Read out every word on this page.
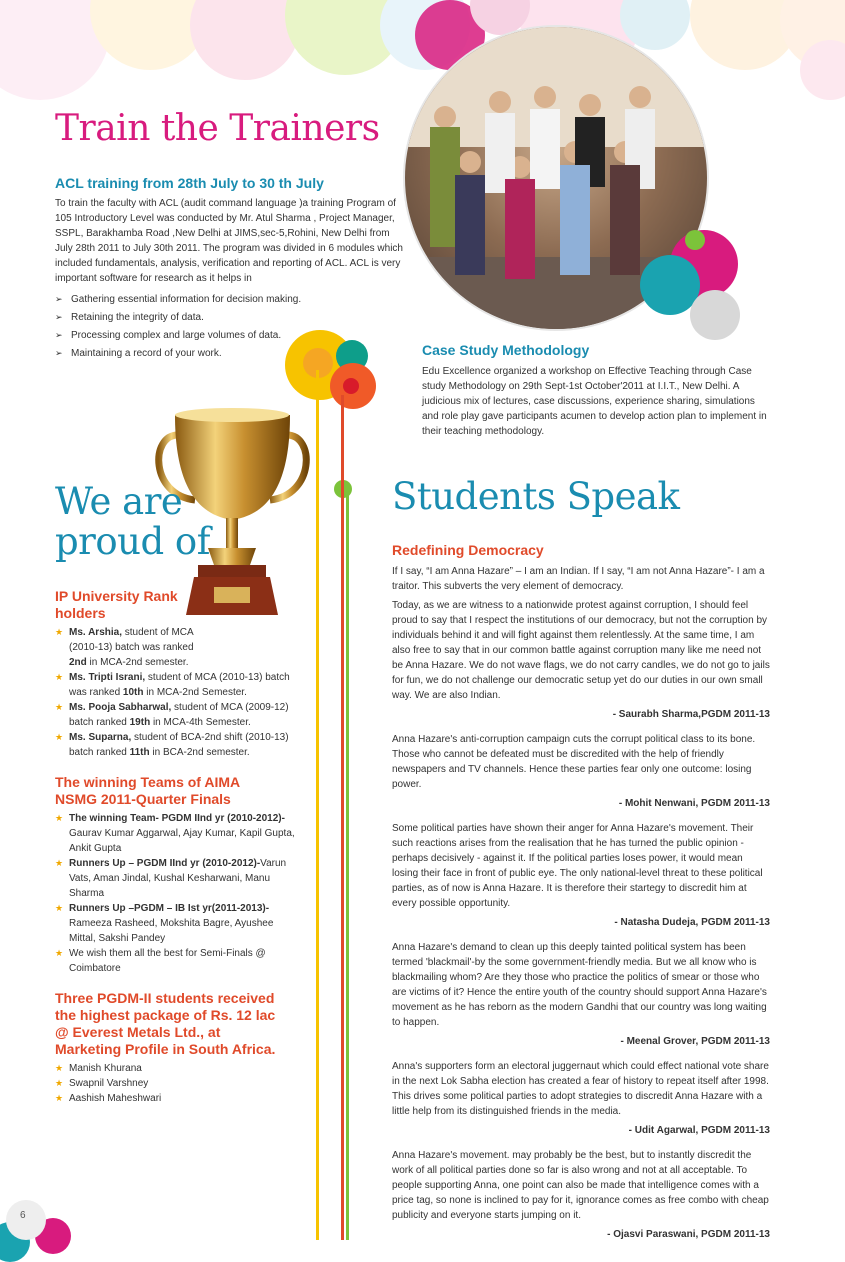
6
Train the Trainers
ACL training from 28th July to 30 th July
To train the faculty with ACL (audit command language )a training Program of 105 Introductory Level was conducted by Mr. Atul Sharma , Project Manager, SSPL, Barakhamba Road ,New Delhi at JIMS,sec-5,Rohini, New Delhi from July 28th 2011 to July 30th 2011. The program was divided in 6 modules which included fundamentals, analysis, verification and reporting of ACL. ACL is very important software for research as it helps in
➢ Gathering essential information for decision making.
➢ Retaining the integrity of data.
➢ Processing complex and large volumes of data.
➢ Maintaining a record of your work.	Case Study Methodology
Edu Excellence organized a workshop on Effective Teaching through Case study Methodology on 29th Sept-1st October'2011 at I.I.T., New Delhi. A judicious mix of lectures, case discussions, experience sharing, simulations and role play gave participants acumen to develop action plan to implement in their teaching methodology.
We are
proud of
IP University Rank holders
★ Ms. Arshia, student of MCA (2010-13) batch was ranked 2nd in MCA-2nd semester.
★ Ms. Tripti Israni, student of MCA (2010-13) batch was ranked 10th in MCA-2nd Semester.
★ Ms. Pooja Sabharwal, student of MCA (2009-12) batch ranked 19th in MCA-4th Semester.
★ Ms. Suparna, student of BCA-2nd shift (2010-13) batch ranked 11th in BCA-2nd semester.
The winning Teams of AIMA NSMG 2011-Quarter Finals
★ The winning Team- PGDM IInd yr (2010-2012)- Gaurav Kumar Aggarwal, Ajay Kumar, Kapil Gupta, Ankit Gupta
★ Runners Up – PGDM IInd yr (2010-2012)-Varun Vats, Aman Jindal, Kushal Kesharwani, Manu Sharma
★ Runners Up –PGDM – IB Ist yr(2011-2013)- Rameeza Rasheed, Mokshita Bagre, Ayushee Mittal, Sakshi Pandey
★ We wish them all the best for Semi-Finals @ Coimbatore
Three PGDM-II students received the highest package of Rs. 12 lac @ Everest Metals Ltd., at Marketing Profile in South Africa.
★ Manish Khurana
★ Swapnil Varshney
★ Aashish Maheshwari
Students Speak
Redefining Democracy

If I say, “I am Anna Hazare” – I am an Indian. If I say, “I am not Anna Hazare”- I am a traitor. This subverts the very element of democracy.

Today, as we are witness to a nationwide protest against corruption, I should feel proud to say that I respect the institutions of our democracy, but not the corruption by individuals behind it and will fight against them relentlessly. At the same time, I am also free to say that in our common battle against corruption many like me need not be Anna Hazare. We do not wave flags, we do not carry candles, we do not go to jails for fun, we do not challenge our democratic setup yet do our duties in our own small way. We are also Indian.

- Saurabh Sharma,PGDM 2011-13

Anna Hazare's anti-corruption campaign cuts the corrupt political class to its bone. Those who cannot be defeated must be discredited with the help of friendly newspapers and TV channels. Hence these parties fear only one outcome: losing power.

- Mohit Nenwani, PGDM 2011-13

Some political parties have shown their anger for Anna Hazare's movement. Their such reactions arises from the realisation that he has turned the public opinion - perhaps decisively - against it. If the political parties loses power, it would mean losing their face in front of public eye. The only national-level threat to these political parties, as of now is Anna Hazare. It is therefore their startegy to discredit him at every possible opportunity.

- Natasha Dudeja, PGDM 2011-13

Anna Hazare's demand to clean up this deeply tainted political system has been termed 'blackmail'-by the some government-friendly media. But we all know who is blackmailing whom? Are they those who practice the politics of smear or those who are victims of it? Hence the entire youth of the country should support Anna Hazare's movement as he has reborn as the modern Gandhi that our country was long waiting to happen.

- Meenal Grover, PGDM 2011-13

Anna's supporters form an electoral juggernaut which could effect national vote share in the next Lok Sabha election has created a fear of history to repeat itself after 1998. This drives some political parties to adopt strategies to discredit Anna Hazare with a little help from its distinguished friends in the media.

- Udit Agarwal, PGDM 2011-13

Anna Hazare's movement. may probably be the best, but to instantly discredit the work of all political parties done so far is also wrong and not at all acceptable. To people supporting Anna, one point can also be made that intelligence comes with a price tag, so none is inclined to pay for it, ignorance comes as free combo with cheap publicity and everyone starts jumping on it.

- Ojasvi Paraswani, PGDM 2011-13
